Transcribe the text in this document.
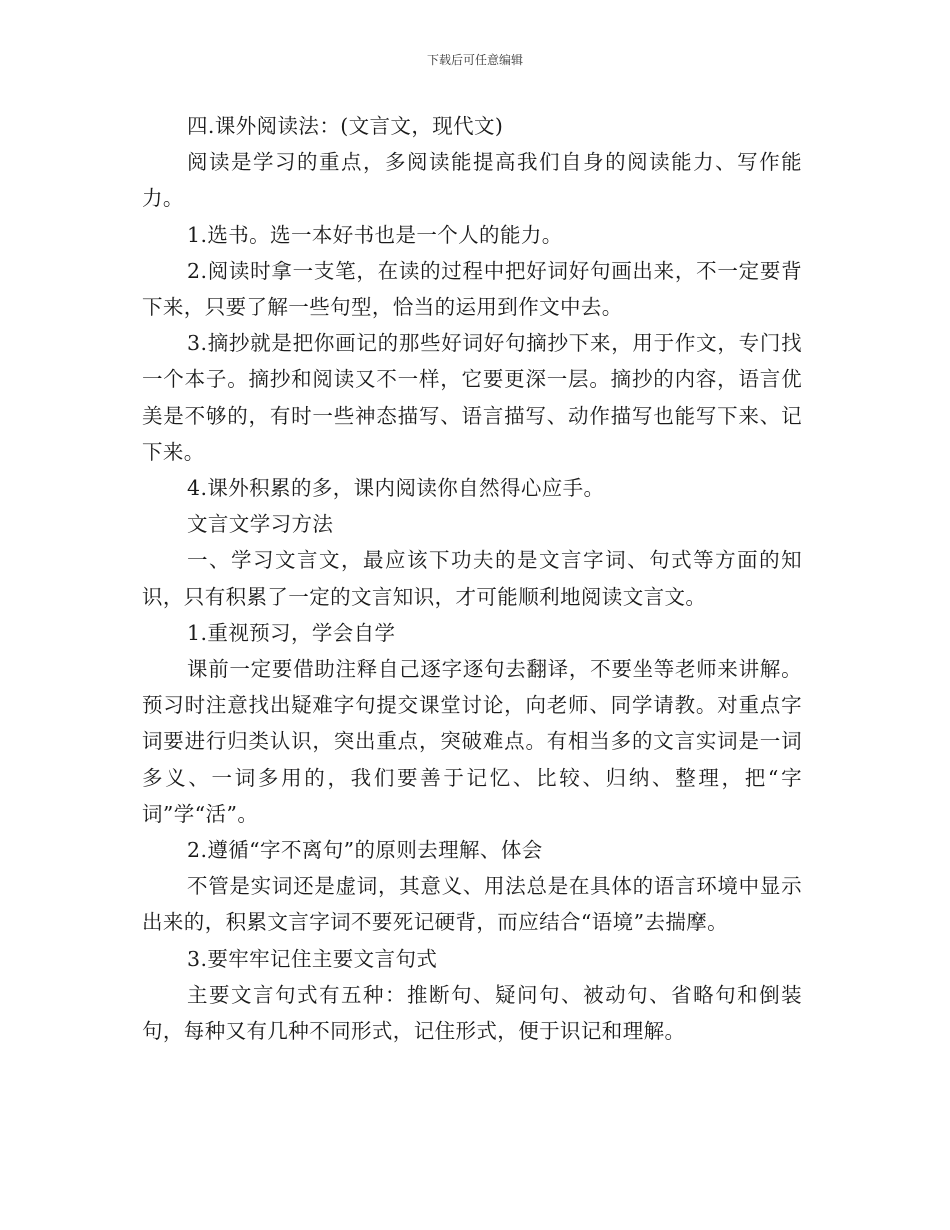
下载后可任意编辑

四.课外阅读法：(文言文，现代文)

阅读是学习的重点，多阅读能提高我们自身的阅读能力、写作能力。

1.选书。选一本好书也是一个人的能力。

2.阅读时拿一支笔，在读的过程中把好词好句画出来，不一定要背下来，只要了解一些句型，恰当的运用到作文中去。

3.摘抄就是把你画记的那些好词好句摘抄下来，用于作文，专门找一个本子。摘抄和阅读又不一样，它要更深一层。摘抄的内容，语言优美是不够的，有时一些神态描写、语言描写、动作描写也能写下来、记下来。

4.课外积累的多，课内阅读你自然得心应手。

文言文学习方法

一、学习文言文，最应该下功夫的是文言字词、句式等方面的知识，只有积累了一定的文言知识，才可能顺利地阅读文言文。

1.重视预习，学会自学

课前一定要借助注释自己逐字逐句去翻译，不要坐等老师来讲解。预习时注意找出疑难字句提交课堂讨论，向老师、同学请教。对重点字词要进行归类认识，突出重点，突破难点。有相当多的文言实词是一词多义、一词多用的，我们要善于记忆、比较、归纳、整理，把“字词”学“活”。

2.遵循“字不离句”的原则去理解、体会

不管是实词还是虚词，其意义、用法总是在具体的语言环境中显示出来的，积累文言字词不要死记硬背，而应结合“语境”去揣摩。

3.要牢牢记住主要文言句式

主要文言句式有五种：推断句、疑问句、被动句、省略句和倒装句，每种又有几种不同形式，记住形式，便于识记和理解。
